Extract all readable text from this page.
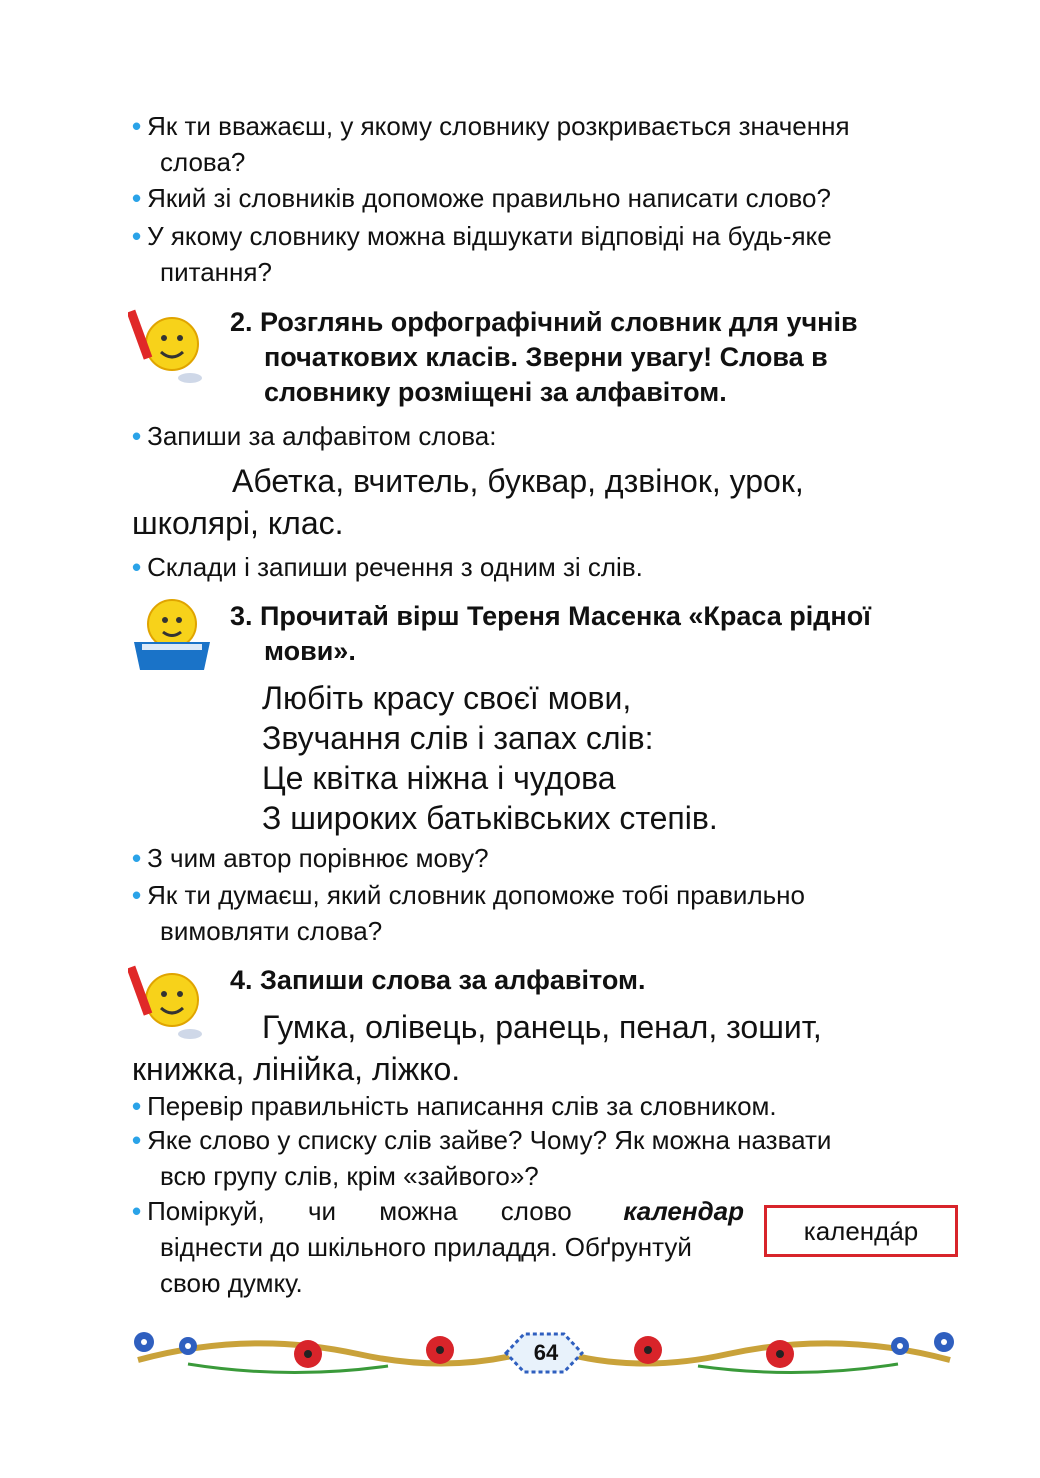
• Як ти вважаєш, у якому словнику розкривається значення
слова?
• Який зі словників допоможе правильно написати слово?
• У якому словнику можна відшукати відповіді на будь-яке
питання?
2. Розглянь орфографічний словник для учнів
початкових класів. Зверни увагу! Слова в
словнику розміщені за алфавітом.
• Запиши за алфавітом слова:
Абетка, вчитель, буквар, дзвінок, урок,
школярі, клас.
• Склади і запиши речення з одним зі слів.
3. Прочитай вірш Тереня Масенка «Краса рідної
мови».
Любіть красу своєї мови,
Звучання слів і запах слів:
Це квітка ніжна і чудова
З широких батьківських степів.
• З чим автор порівнює мову?
• Як ти думаєш, який словник допоможе тобі правильно
вимовляти слова?
4. Запиши слова за алфавітом.
Гумка, олівець, ранець, пенал, зошит,
книжка, лінійка, ліжко.
• Перевір правильність написання слів за словником.
• Яке слово у списку слів зайве? Чому? Як можна назвати
всю групу слів, крім «зайвого»?
• Поміркуй, чи можна слово календар
віднести до шкільного приладдя. Обґрунтуй
свою думку.
календа́р
64
